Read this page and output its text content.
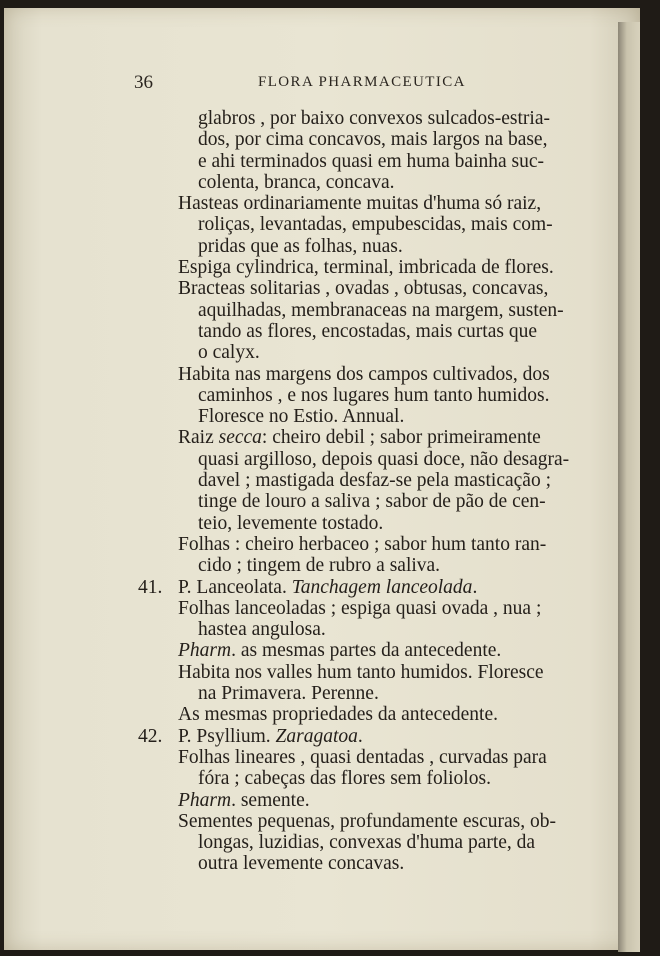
36	FLORA PHARMACEUTICA
glabros , por baixo convexos sulcados-estria-
dos, por cima concavos, mais largos na base,
e ahi terminados quasi em huma bainha suc-
colenta, branca, concava.
Hasteas ordinariamente muitas d'huma só raiz,
roliças, levantadas, empubescidas, mais com-
pridas que as folhas, nuas.
Espiga cylindrica, terminal, imbricada de flores.
Bracteas solitarias , ovadas , obtusas, concavas,
aquilhadas, membranaceas na margem, susten-
tando as flores, encostadas, mais curtas que
o calyx.
Habita nas margens dos campos cultivados, dos
caminhos , e nos lugares hum tanto humidos.
Floresce no Estio. Annual.
Raiz secca: cheiro debil ; sabor primeiramente
quasi argilloso, depois quasi doce, não desagra-
davel ; mastigada desfaz-se pela masticação ;
tinge de louro a saliva ; sabor de pão de cen-
teio, levemente tostado.
Folhas : cheiro herbaceo ; sabor hum tanto ran-
cido ; tingem de rubro a saliva.
41. P. Lanceolata. Tanchagem lanceolada.
Folhas lanceoladas ; espiga quasi ovada , nua ;
hastea angulosa.
Pharm. as mesmas partes da antecedente.
Habita nos valles hum tanto humidos. Floresce
na Primavera. Perenne.
As mesmas propriedades da antecedente.
42. P. Psyllium. Zaragatoa.
Folhas lineares , quasi dentadas , curvadas para
fóra ; cabeças das flores sem foliolos.
Pharm. semente.
Sementes pequenas, profundamente escuras, ob-
longas, luzidias, convexas d'huma parte, da
outra levemente concavas.
